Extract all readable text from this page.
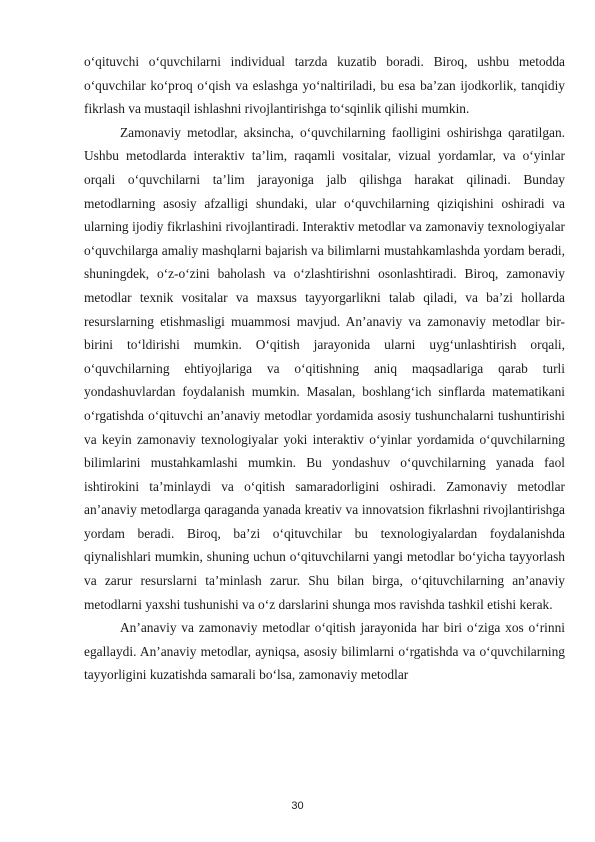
o‘qituvchi o‘quvchilarni individual tarzda kuzatib boradi. Biroq, ushbu metodda o‘quvchilar ko‘proq o‘qish va eslashga yo‘naltiriladi, bu esa ba’zan ijodkorlik, tanqidiy fikrlash va mustaqil ishlashni rivojlantirishga to‘sqinlik qilishi mumkin.

Zamonaviy metodlar, aksincha, o‘quvchilarning faolligini oshirishga qaratilgan. Ushbu metodlarda interaktiv ta’lim, raqamli vositalar, vizual yordamlar, va o‘yinlar orqali o‘quvchilarni ta’lim jarayoniga jalb qilishga harakat qilinadi. Bunday metodlarning asosiy afzalligi shundaki, ular o‘quvchilarning qiziqishini oshiradi va ularning ijodiy fikrlashini rivojlantiradi. Interaktiv metodlar va zamonaviy texnologiyalar o‘quvchilarga amaliy mashqlarni bajarish va bilimlarni mustahkamlashda yordam beradi, shuningdek, o‘z-o‘zini baholash va o‘zlashtirishni osonlashtiradi. Biroq, zamonaviy metodlar texnik vositalar va maxsus tayyorgarlikni talab qiladi, va ba’zi hollarda resurslarning etishmasligi muammosi mavjud. An’anaviy va zamonaviy metodlar bir-birini to‘ldirishi mumkin. O‘qitish jarayonida ularni uyg‘unlashtirish orqali, o‘quvchilarning ehtiyojlariga va o‘qitishning aniq maqsadlariga qarab turli yondashuvlardan foydalanish mumkin. Masalan, boshlang‘ich sinflarda matematikani o‘rgatishda o‘qituvchi an’anaviy metodlar yordamida asosiy tushunchalarni tushuntirishi va keyin zamonaviy texnologiyalar yoki interaktiv o‘yinlar yordamida o‘quvchilarning bilimlarini mustahkamlashi mumkin. Bu yondashuv o‘quvchilarning yanada faol ishtirokini ta’minlaydi va o‘qitish samaradorligini oshiradi. Zamonaviy metodlar an’anaviy metodlarga qaraganda yanada kreativ va innovatsion fikrlashni rivojlantirishga yordam beradi. Biroq, ba’zi o‘qituvchilar bu texnologiyalardan foydalanishda qiynalishlari mumkin, shuning uchun o‘qituvchilarni yangi metodlar bo‘yicha tayyorlash va zarur resurslarni ta’minlash zarur. Shu bilan birga, o‘qituvchilarning an’anaviy metodlarni yaxshi tushunishi va o‘z darslarini shunga mos ravishda tashkil etishi kerak.

An’anaviy va zamonaviy metodlar o‘qitish jarayonida har biri o‘ziga xos o‘rinni egallaydi. An’anaviy metodlar, ayniqsa, asosiy bilimlarni o‘rgatishda va o‘quvchilarning tayyorligini kuzatishda samarali bo‘lsa, zamonaviy metodlar

30
